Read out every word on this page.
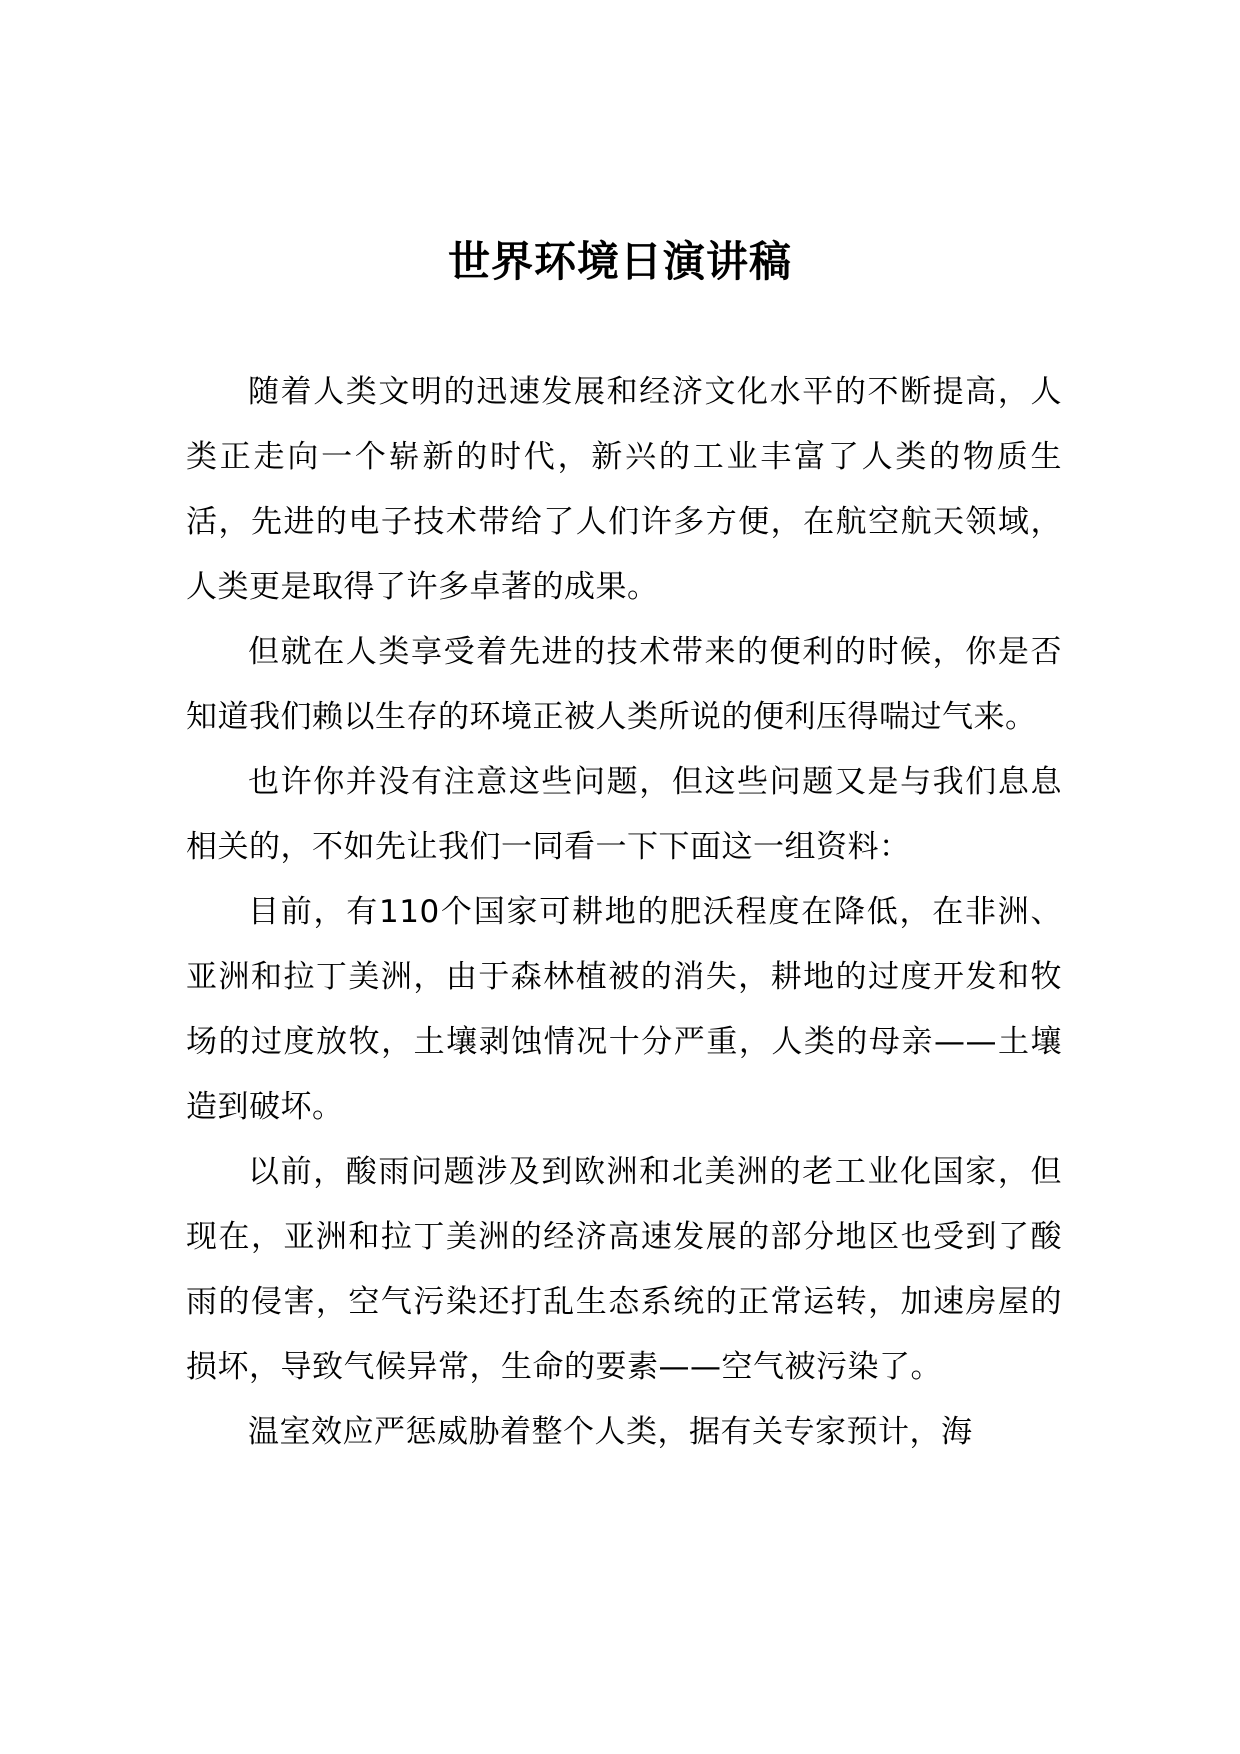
世界环境日演讲稿

随着人类文明的迅速发展和经济文化水平的不断提高，人类正走向一个崭新的时代，新兴的工业丰富了人类的物质生活，先进的电子技术带给了人们许多方便，在航空航天领域，人类更是取得了许多卓著的成果。

但就在人类享受着先进的技术带来的便利的时候，你是否知道我们赖以生存的环境正被人类所说的便利压得喘过气来。

也许你并没有注意这些问题，但这些问题又是与我们息息相关的，不如先让我们一同看一下下面这一组资料：

目前，有110个国家可耕地的肥沃程度在降低，在非洲、亚洲和拉丁美洲，由于森林植被的消失，耕地的过度开发和牧场的过度放牧，土壤剥蚀情况十分严重，人类的母亲——土壤造到破坏。

以前，酸雨问题涉及到欧洲和北美洲的老工业化国家，但现在，亚洲和拉丁美洲的经济高速发展的部分地区也受到了酸雨的侵害，空气污染还打乱生态系统的正常运转，加速房屋的损坏，导致气候异常，生命的要素——空气被污染了。

温室效应严惩威胁着整个人类，据有关专家预计，海
